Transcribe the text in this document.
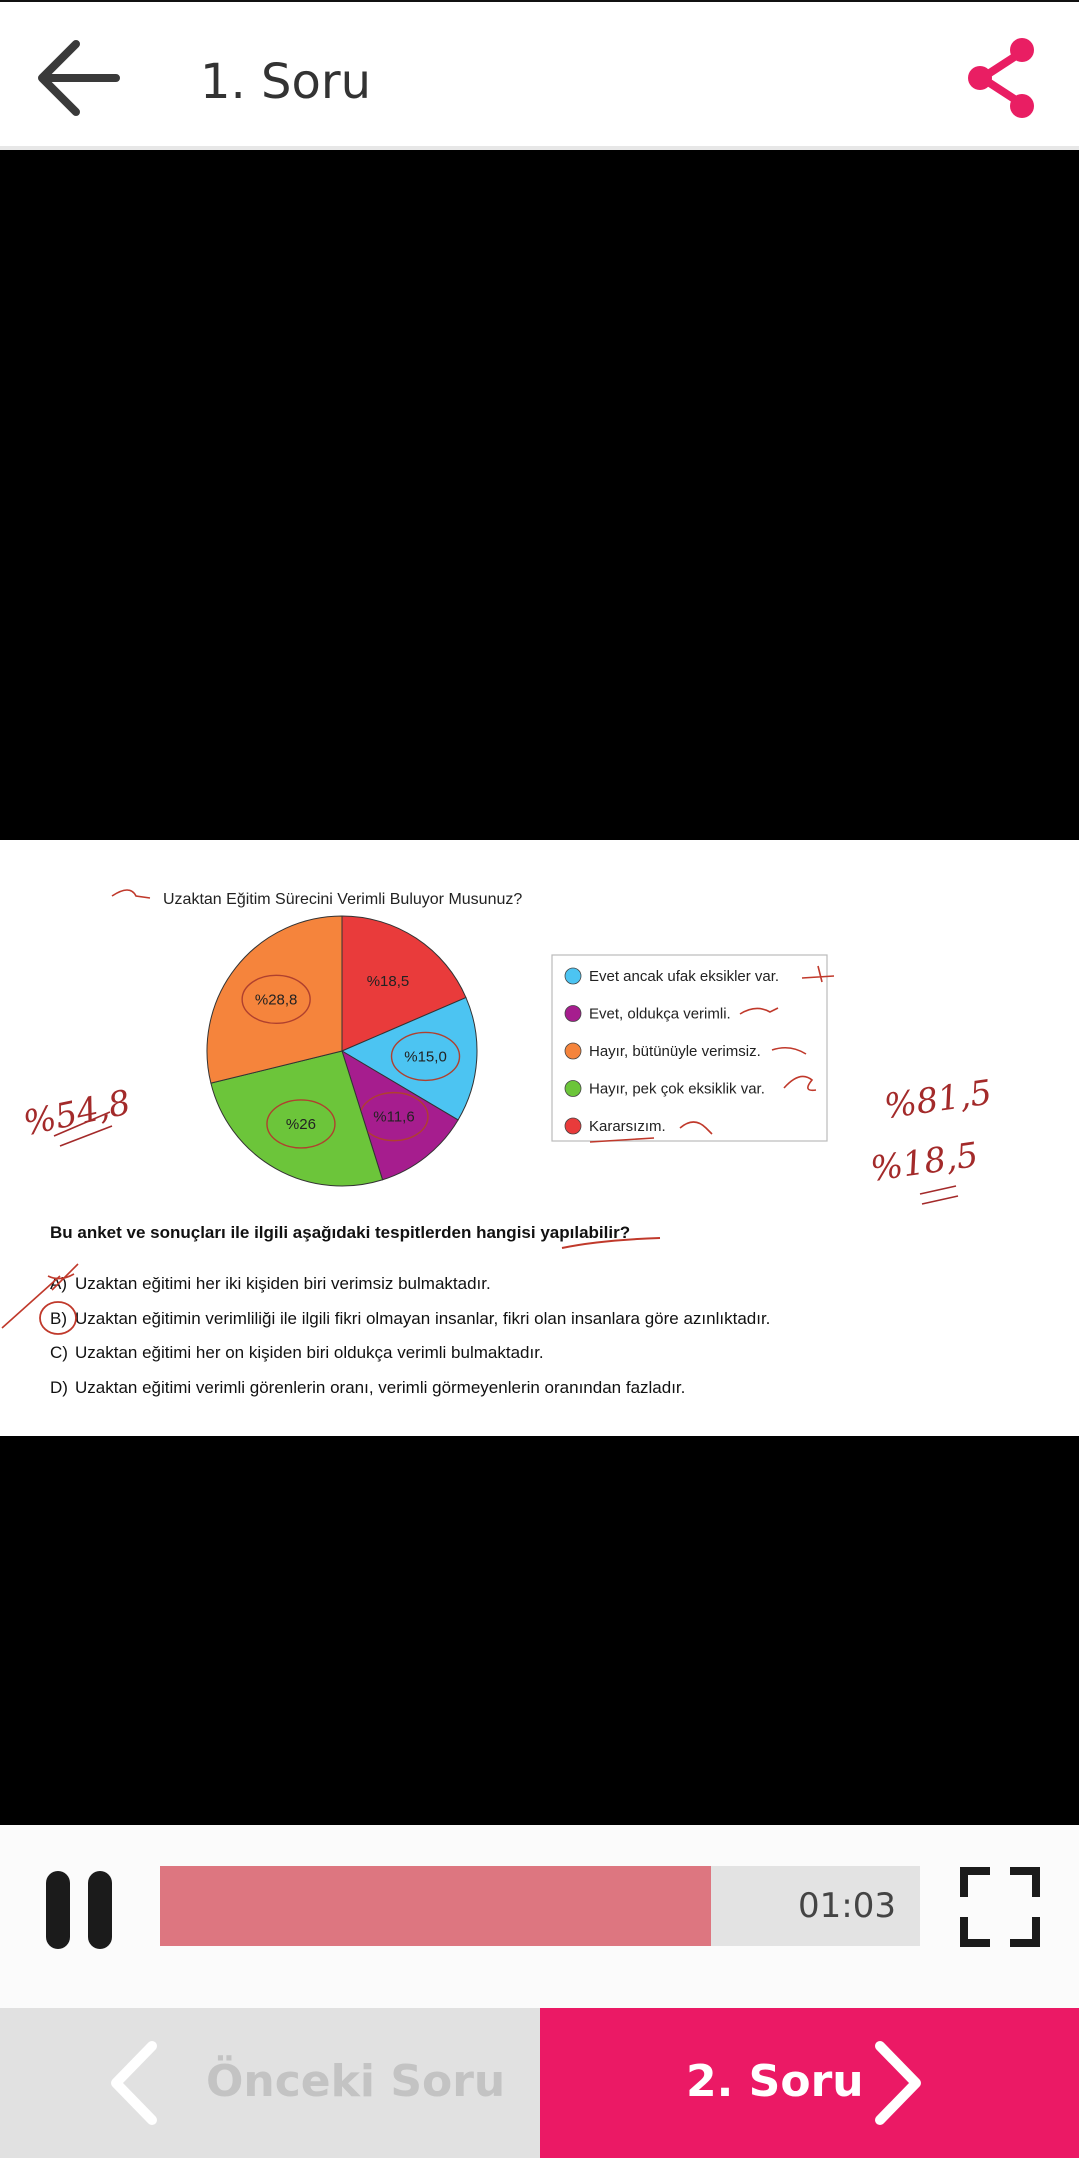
1. Soru
Uzaktan Eğitim Sürecini Verimli Buluyor Musunuz?
%18,5
%15,0
%11,6
%26
%28,8
Evet ancak ufak eksikler var.
Evet, oldukça verimli.
Hayır, bütünüyle verimsiz.
Hayır, pek çok eksiklik var.
Kararsızım.
%54,8	%81,5
%18,5
Bu anket ve sonuçları ile ilgili aşağıdaki tespitlerden hangisi yapılabilir?
A) Uzaktan eğitimi her iki kişiden biri verimsiz bulmaktadır.
B) Uzaktan eğitimin verimliliği ile ilgili fikri olmayan insanlar, fikri olan insanlara göre azınlıktadır.
C) Uzaktan eğitimi her on kişiden biri oldukça verimli bulmaktadır.
D) Uzaktan eğitimi verimli görenlerin oranı, verimli görmeyenlerin oranından fazladır.
01:03
Önceki Soru	2. Soru
